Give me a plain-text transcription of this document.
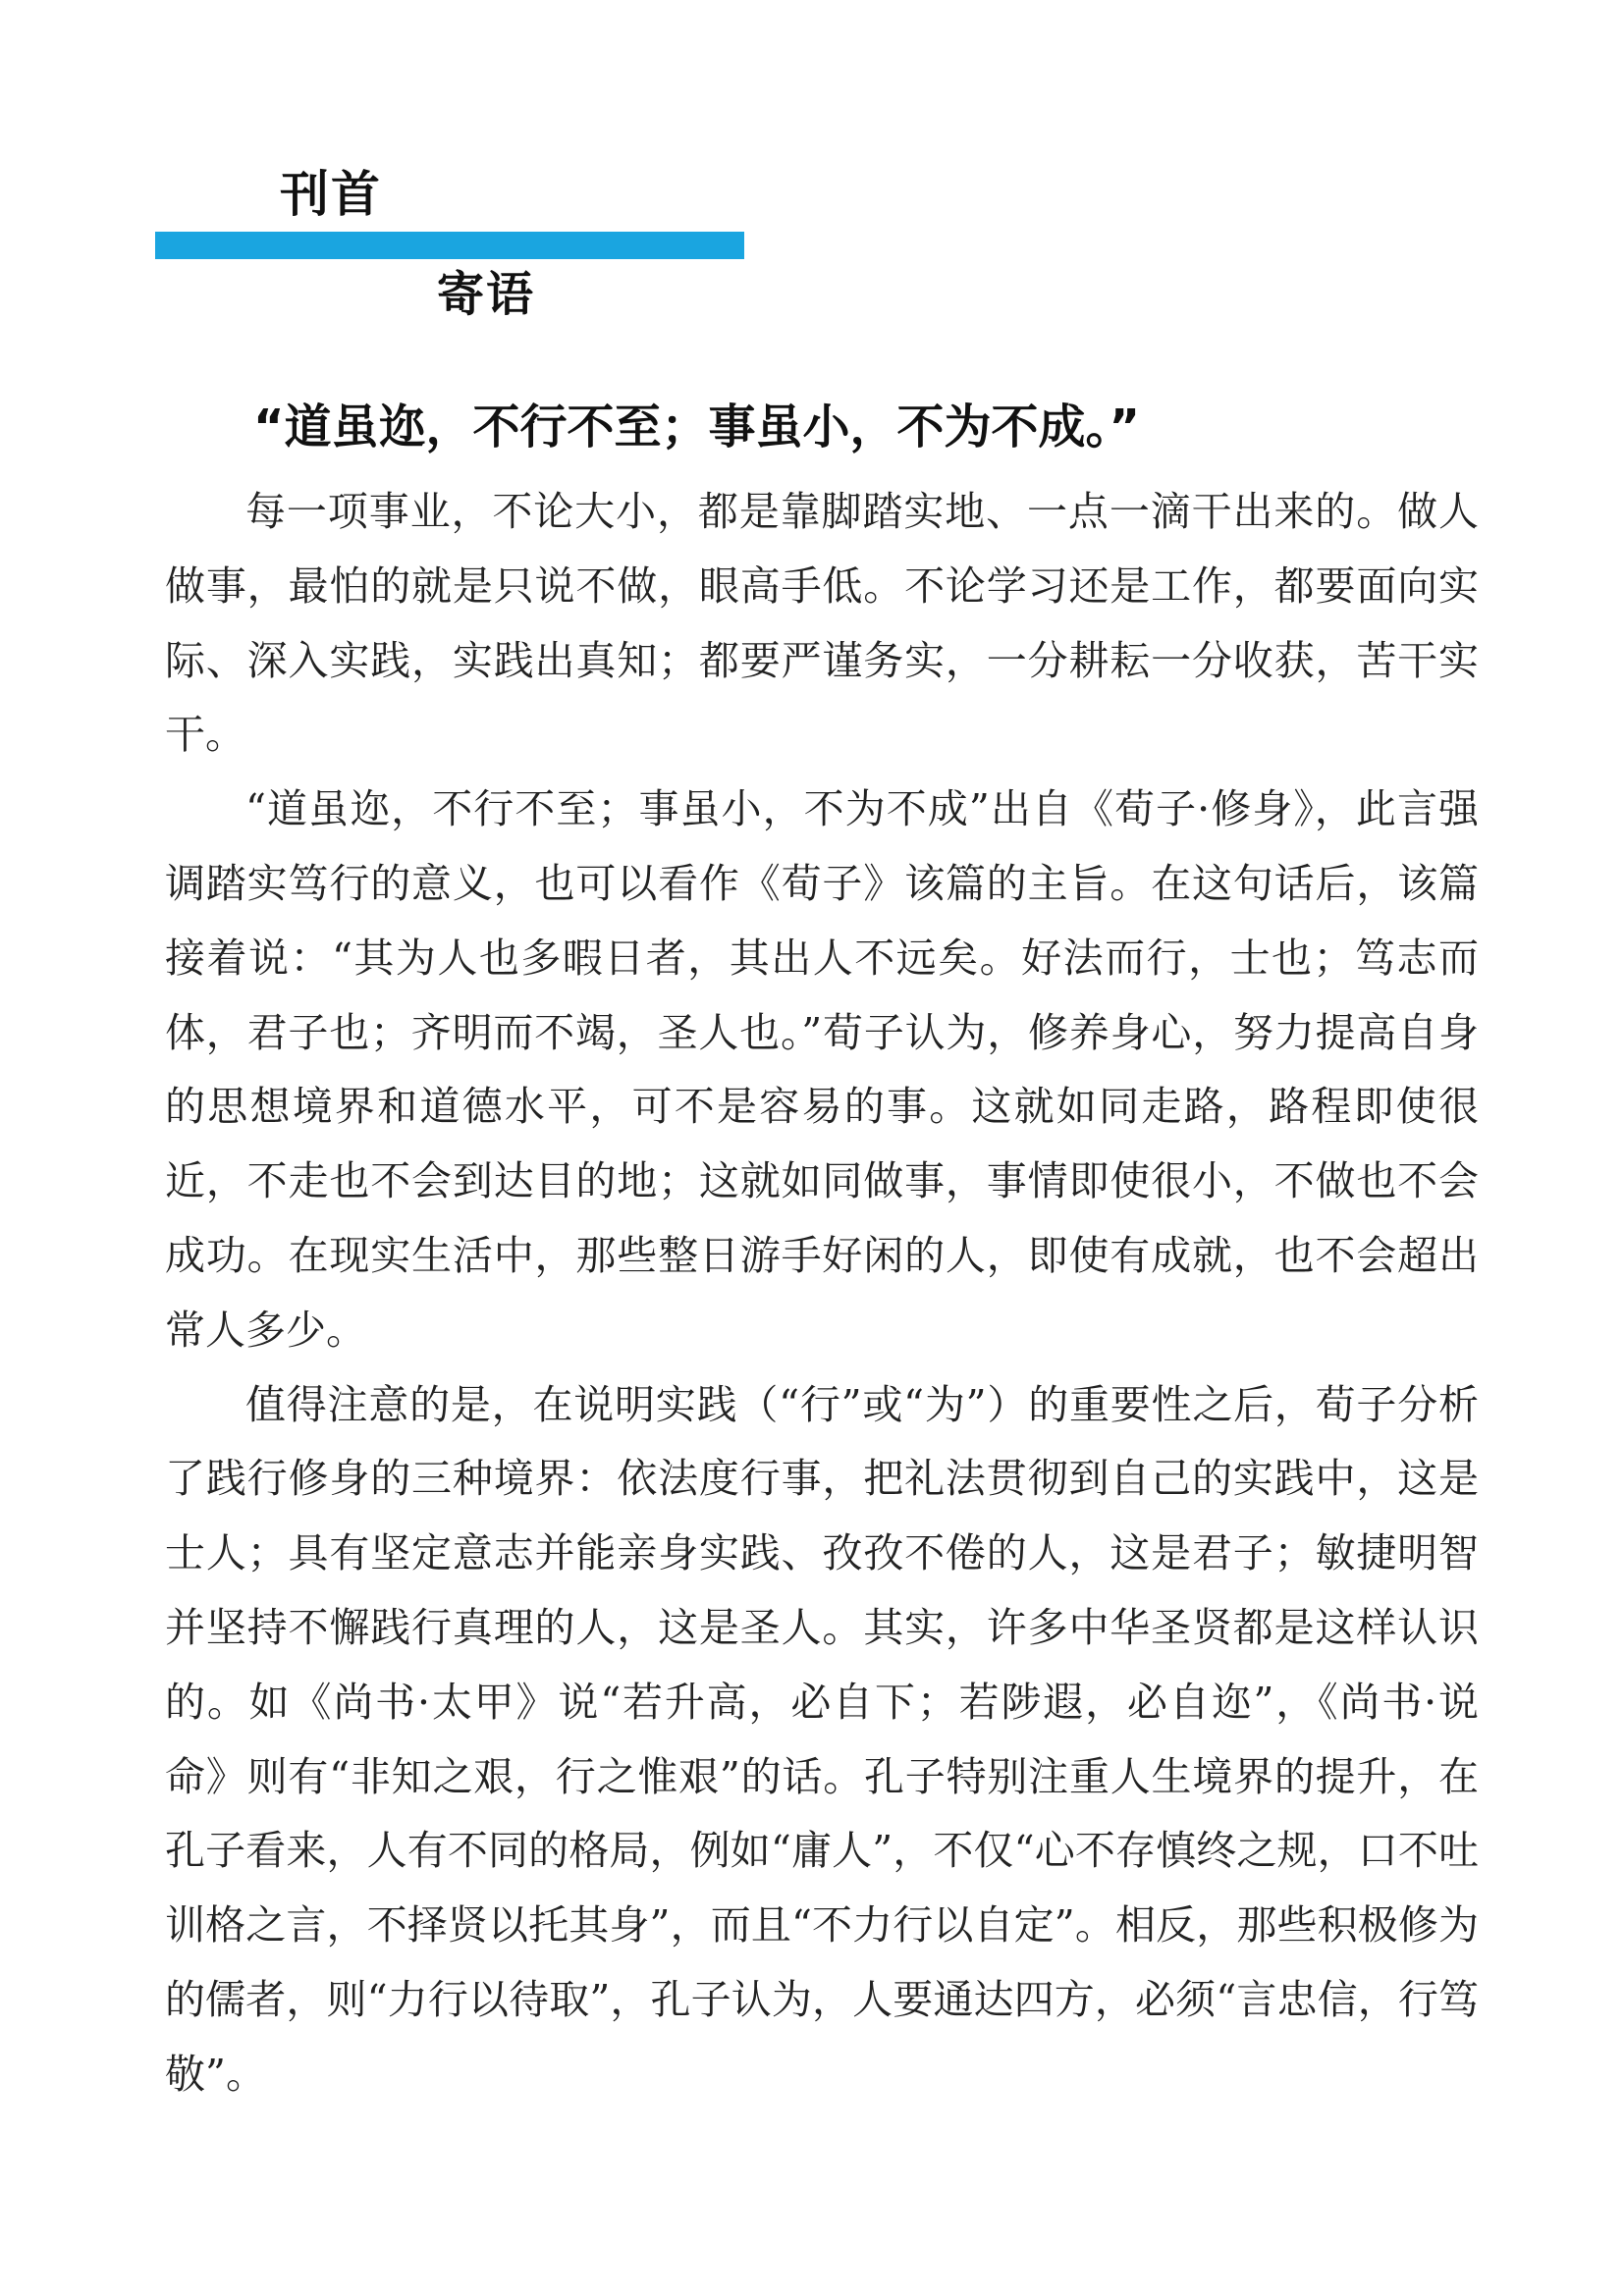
刊首
寄语
“道虽迩，不行不至；事虽小，不为不成。”

每一项事业，不论大小，都是靠脚踏实地、一点一滴干出来的。做人做事，最怕的就是只说不做，眼高手低。不论学习还是工作，都要面向实际、深入实践，实践出真知；都要严谨务实，一分耕耘一分收获，苦干实干。

“道虽迩，不行不至；事虽小，不为不成”出自《荀子·修身》，此言强调踏实笃行的意义，也可以看作《荀子》该篇的主旨。在这句话后，该篇接着说：“其为人也多暇日者，其出人不远矣。好法而行，士也；笃志而体，君子也；齐明而不竭，圣人也。”荀子认为，修养身心，努力提高自身的思想境界和道德水平，可不是容易的事。这就如同走路，路程即使很近，不走也不会到达目的地；这就如同做事，事情即使很小，不做也不会成功。在现实生活中，那些整日游手好闲的人，即使有成就，也不会超出常人多少。

值得注意的是，在说明实践（“行”或“为”）的重要性之后，荀子分析了践行修身的三种境界：依法度行事，把礼法贯彻到自己的实践中，这是士人；具有坚定意志并能亲身实践、孜孜不倦的人，这是君子；敏捷明智并坚持不懈践行真理的人，这是圣人。其实，许多中华圣贤都是这样认识的。如《尚书·太甲》说“若升高，必自下；若陟遐，必自迩”，《尚书·说命》则有“非知之艰，行之惟艰”的话。孔子特别注重人生境界的提升，在孔子看来，人有不同的格局，例如“庸人”，不仅“心不存慎终之规，口不吐训格之言，不择贤以托其身”，而且“不力行以自定”。相反，那些积极修为的儒者，则“力行以待取”，孔子认为，人要通达四方，必须“言忠信，行笃敬”。
